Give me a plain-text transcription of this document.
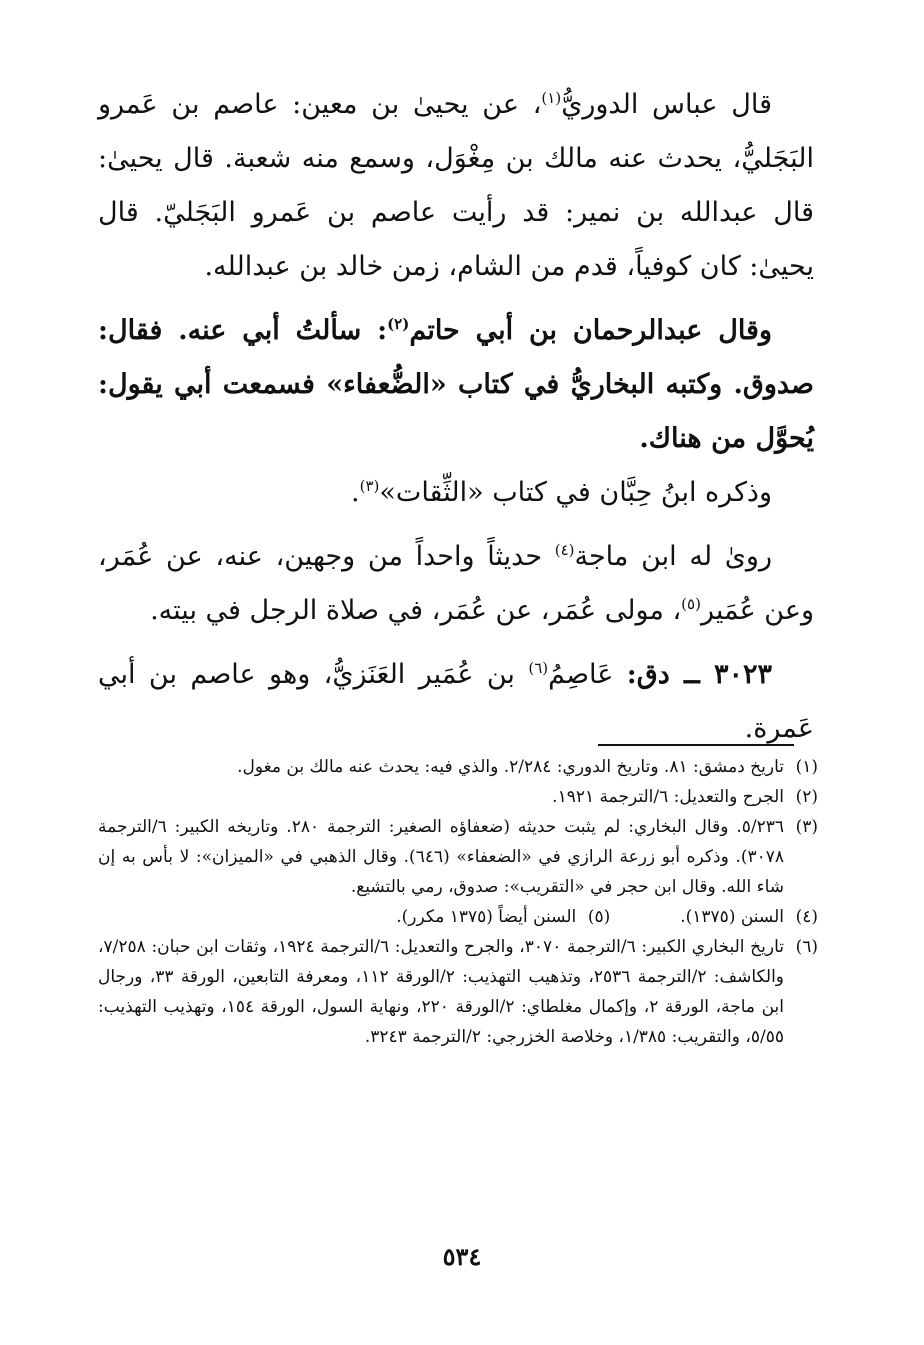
قال عباس الدوريُّ$^{(١)}$، عن يحيىٰ بن معين: عاصم بن عَمرو البَجَليُّ، يحدث عنه مالك بن مِغْوَل، وسمع منه شعبة. قال يحيىٰ: قال عبدالله بن نمير: قد رأيت عاصم بن عَمرو البَجَليّ. قال يحيىٰ: كان كوفياً، قدم من الشام، زمن خالد بن عبدالله.

وقال عبدالرحمان بن أبي حاتم$^{(٢)}$: سألتُ أبي عنه. فقال: صدوق. وكتبه البخاريُّ في كتاب «الضُّعفاء» فسمعت أبي يقول: يُحوَّل من هناك.

وذكره ابنُ حِبَّان في كتاب «الثِّقات»$^{(٣)}$.

روىٰ له ابن ماجة$^{(٤)}$ حديثاً واحداً من وجهين، عنه، عن عُمَر، وعن عُمَير$^{(٥)}$، مولى عُمَر، عن عُمَر، في صلاة الرجل في بيته.

٣٠٢٣ ــ دق: عَاصِمُ$^{(٦)}$ بن عُمَير العَنَزيُّ، وهو عاصم بن أبي عَمرة.

(١)
تاريخ دمشق: ٨١. وتاريخ الدوري: ٢/٢٨٤. والذي فيه: يحدث عنه مالك بن مغول.
(٢)
الجرح والتعديل: ٦/الترجمة ١٩٢١.
(٣)
٥/٢٣٦. وقال البخاري: لم يثبت حديثه (ضعفاؤه الصغير: الترجمة ٢٨٠. وتاريخه الكبير: ٦/الترجمة ٣٠٧٨). وذكره أبو زرعة الرازي في «الضعفاء» (٦٤٦). وقال الذهبي في «الميزان»: لا بأس به إن شاء الله. وقال ابن حجر في «التقريب»: صدوق، رمي بالتشيع.
(٤)
السنن (١٣٧٥).
(٥)
السنن أيضاً (١٣٧٥ مكرر).
(٦)
تاريخ البخاري الكبير: ٦/الترجمة ٣٠٧٠، والجرح والتعديل: ٦/الترجمة ١٩٢٤، وثقات ابن حبان: ٧/٢٥٨، والكاشف: ٢/الترجمة ٢٥٣٦، وتذهيب التهذيب: ٢/الورقة ١١٢، ومعرفة التابعين، الورقة ٣٣، ورجال ابن ماجة، الورقة ٢، وإكمال مغلطاي: ٢/الورقة ٢٢٠، ونهاية السول، الورقة ١٥٤، وتهذيب التهذيب: ٥/٥٥، والتقريب: ١/٣٨٥، وخلاصة الخزرجي: ٢/الترجمة ٣٢٤٣.
٥٣٤
